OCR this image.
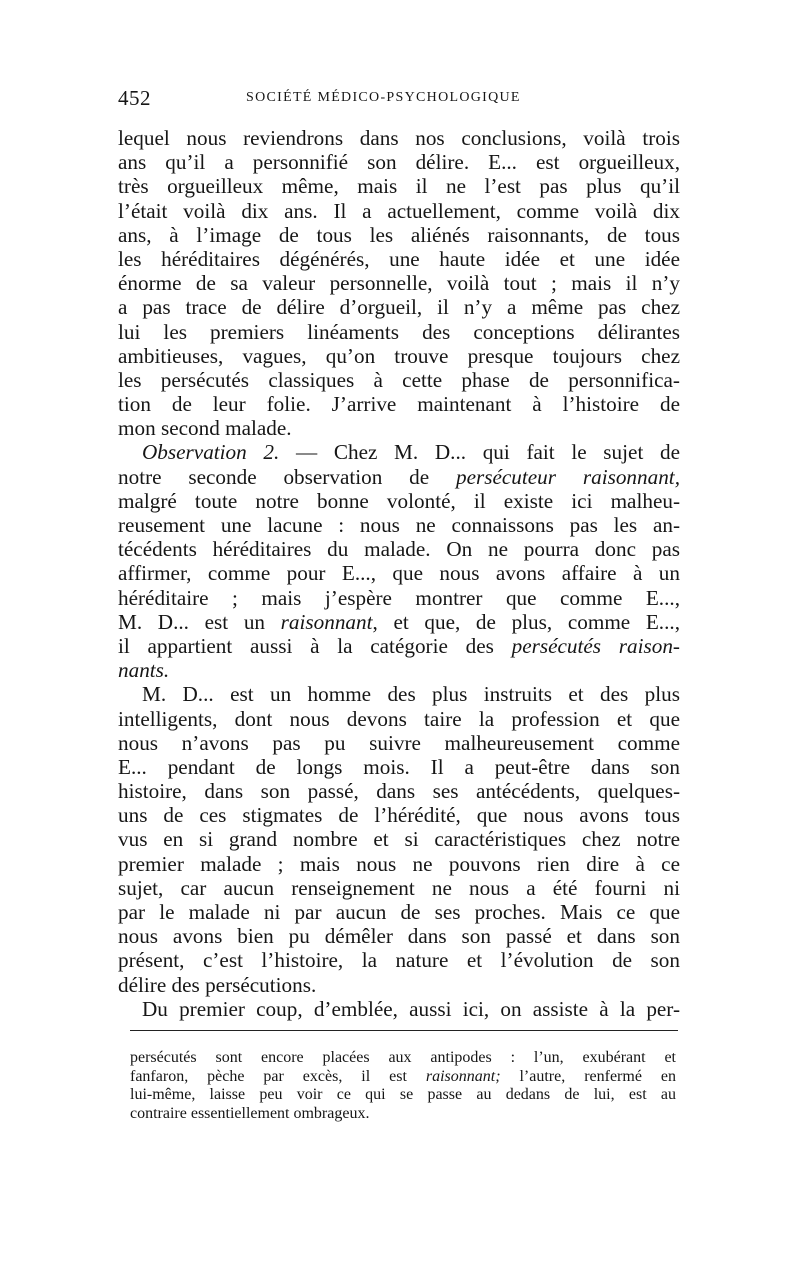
452	SOCIÉTÉ MÉDICO-PSYCHOLOGIQUE
lequel nous reviendrons dans nos conclusions, voilà trois
ans qu’il a personnifié son délire. E... est orgueilleux,
très orgueilleux même, mais il ne l’est pas plus qu’il
l’était voilà dix ans. Il a actuellement, comme voilà dix
ans, à l’image de tous les aliénés raisonnants, de tous
les héréditaires dégénérés, une haute idée et une idée
énorme de sa valeur personnelle, voilà tout ; mais il n’y
a pas trace de délire d’orgueil, il n’y a même pas chez
lui les premiers linéaments des conceptions délirantes
ambitieuses, vagues, qu’on trouve presque toujours chez
les persécutés classiques à cette phase de personnifica-
tion de leur folie. J’arrive maintenant à l’histoire de
mon second malade.
Observation 2. — Chez M. D... qui fait le sujet de
notre seconde observation de persécuteur raisonnant,
malgré toute notre bonne volonté, il existe ici malheu-
reusement une lacune : nous ne connaissons pas les an-
técédents héréditaires du malade. On ne pourra donc pas
affirmer, comme pour E..., que nous avons affaire à un
héréditaire ; mais j’espère montrer que comme E...,
M. D... est un raisonnant, et que, de plus, comme E...,
il appartient aussi à la catégorie des persécutés raison-
nants.
M. D... est un homme des plus instruits et des plus
intelligents, dont nous devons taire la profession et que
nous n’avons pas pu suivre malheureusement comme
E... pendant de longs mois. Il a peut-être dans son
histoire, dans son passé, dans ses antécédents, quelques-
uns de ces stigmates de l’hérédité, que nous avons tous
vus en si grand nombre et si caractéristiques chez notre
premier malade ; mais nous ne pouvons rien dire à ce
sujet, car aucun renseignement ne nous a été fourni ni
par le malade ni par aucun de ses proches. Mais ce que
nous avons bien pu démêler dans son passé et dans son
présent, c’est l’histoire, la nature et l’évolution de son
délire des persécutions.
Du premier coup, d’emblée, aussi ici, on assiste à la per-
persécutés sont encore placées aux antipodes : l’un, exubérant et
fanfaron, pèche par excès, il est raisonnant; l’autre, renfermé en
lui-même, laisse peu voir ce qui se passe au dedans de lui, est au
contraire essentiellement ombrageux.
